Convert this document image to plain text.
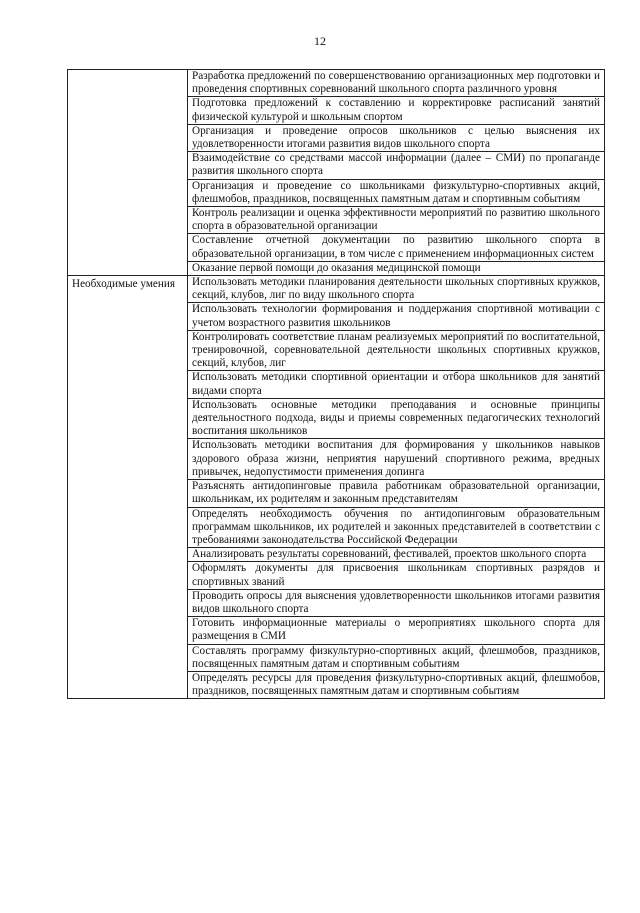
12

	Разработка предложений по совершенствованию организационных мер подготовки и проведения спортивных соревнований школьного спорта различного уровня

	Подготовка предложений к составлению и корректировке расписаний занятий физической культурой и школьным спортом

	Организация и проведение опросов школьников с целью выяснения их удовлетворенности итогами развития видов школьного спорта

	Взаимодействие со средствами массой информации (далее – СМИ) по пропаганде развития школьного спорта

	Организация и проведение со школьниками физкультурно-спортивных акций, флешмобов, праздников, посвященных памятным датам и спортивным событиям

	Контроль реализации и оценка эффективности мероприятий по развитию школьного спорта в образовательной организации

	Составление отчетной документации по развитию школьного спорта в образовательной организации, в том числе с применением информационных систем

	Оказание первой помощи до оказания медицинской помощи

Необходимые умения	Использовать методики планирования деятельности школьных спортивных кружков, секций, клубов, лиг по виду школьного спорта

	Использовать технологии формирования и поддержания спортивной мотивации с учетом возрастного развития школьников

	Контролировать соответствие планам реализуемых мероприятий по воспитательной, тренировочной, соревновательной деятельности школьных спортивных кружков, секций, клубов, лиг

	Использовать методики спортивной ориентации и отбора школьников для занятий видами спорта

	Использовать основные методики преподавания и основные принципы деятельностного подхода, виды и приемы современных педагогических технологий воспитания школьников

	Использовать методики воспитания для формирования у школьников навыков здорового образа жизни, неприятия нарушений спортивного режима, вредных привычек, недопустимости применения допинга

	Разъяснять антидопинговые правила работникам образовательной организации, школьникам, их родителям и законным представителям

	Определять необходимость обучения по антидопинговым образовательным программам школьников, их родителей и законных представителей в соответствии с требованиями законодательства Российской Федерации

	Анализировать результаты соревнований, фестивалей, проектов школьного спорта

	Оформлять документы для присвоения школьникам спортивных разрядов и спортивных званий

	Проводить опросы для выяснения удовлетворенности школьников итогами развития видов школьного спорта

	Готовить информационные материалы о мероприятиях школьного спорта для размещения в СМИ

	Составлять программу физкультурно-спортивных акций, флешмобов, праздников, посвященных памятным датам и спортивным событиям

	Определять ресурсы для проведения физкультурно-спортивных акций, флешмобов, праздников, посвященных памятным датам и спортивным событиям
